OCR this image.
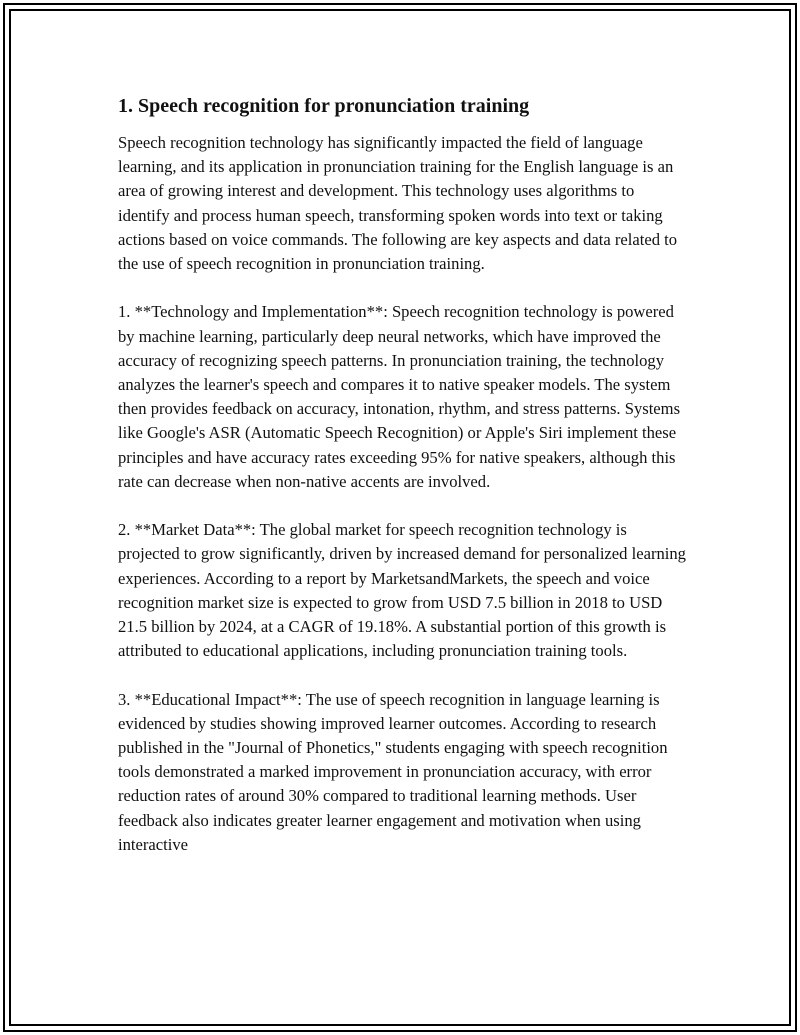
1. Speech recognition for pronunciation training

Speech recognition technology has significantly impacted the field of language learning, and its application in pronunciation training for the English language is an area of growing interest and development. This technology uses algorithms to identify and process human speech, transforming spoken words into text or taking actions based on voice commands. The following are key aspects and data related to the use of speech recognition in pronunciation training.

1. **Technology and Implementation**: Speech recognition technology is powered by machine learning, particularly deep neural networks, which have improved the accuracy of recognizing speech patterns. In pronunciation training, the technology analyzes the learner's speech and compares it to native speaker models. The system then provides feedback on accuracy, intonation, rhythm, and stress patterns. Systems like Google's ASR (Automatic Speech Recognition) or Apple's Siri implement these principles and have accuracy rates exceeding 95% for native speakers, although this rate can decrease when non-native accents are involved.

2. **Market Data**: The global market for speech recognition technology is projected to grow significantly, driven by increased demand for personalized learning experiences. According to a report by MarketsandMarkets, the speech and voice recognition market size is expected to grow from USD 7.5 billion in 2018 to USD 21.5 billion by 2024, at a CAGR of 19.18%. A substantial portion of this growth is attributed to educational applications, including pronunciation training tools.

3. **Educational Impact**: The use of speech recognition in language learning is evidenced by studies showing improved learner outcomes. According to research published in the "Journal of Phonetics," students engaging with speech recognition tools demonstrated a marked improvement in pronunciation accuracy, with error reduction rates of around 30% compared to traditional learning methods. User feedback also indicates greater learner engagement and motivation when using interactive
